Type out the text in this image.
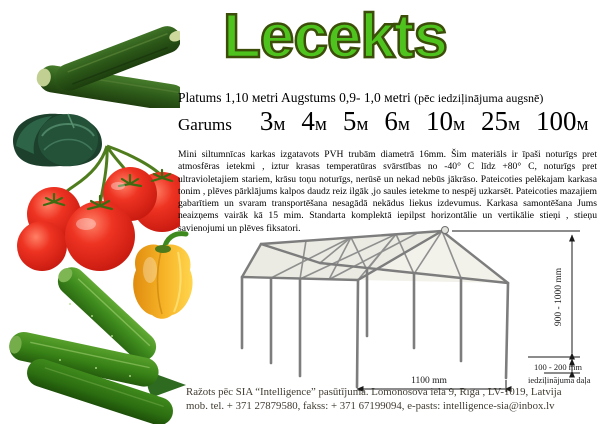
Lecekts
Platums 1,10 мetri Augstums 0,9- 1,0 мetri (pēc iedziļinājuma augsnē)
Garums 3м 4м 5м 6м 10м 25м 100м
Mini siltumnīcas karkas izgatavots PVH trubām diametrā 16mm. Šim materiāls ir īpaši noturīgs pret atmosfēras ietekmi , iztur krasas temperatūras svārstības no -40° C līdz +80° C, noturīgs pret ultravioletajiem stariem, krāsu toņu noturīgs, nerūsē un nekad nebūs jākrāso. Pateicoties pelēkajam karkasa tonim , plēves pārklājums kalpos daudz reiz ilgāk ,jo saules ietekme to nespēj uzkarsēt. Pateicoties mazajiem gabarītiem un svaram transportēšana nesagādā nekādus liekus izdevumus. Karkasa samontēšana Jums neaizņems vairāk kā 15 mim. Standarta komplektā iepilpst horizontālie un vertikālie stieņi , stieņu savienojumi un plēves fiksatori.
900 - 1000 mm
100 - 200 mm
iedziļinājuma daļa
1100 mm
Ražots pēc SIA “Intelligence” pasūtījuma. Lomonosova iela 9, Rīga , LV-1019, Latvija
mob. tel. + 371 27879580, fakss: + 371 67199094, e-pasts: intelligence-sia@inbox.lv
